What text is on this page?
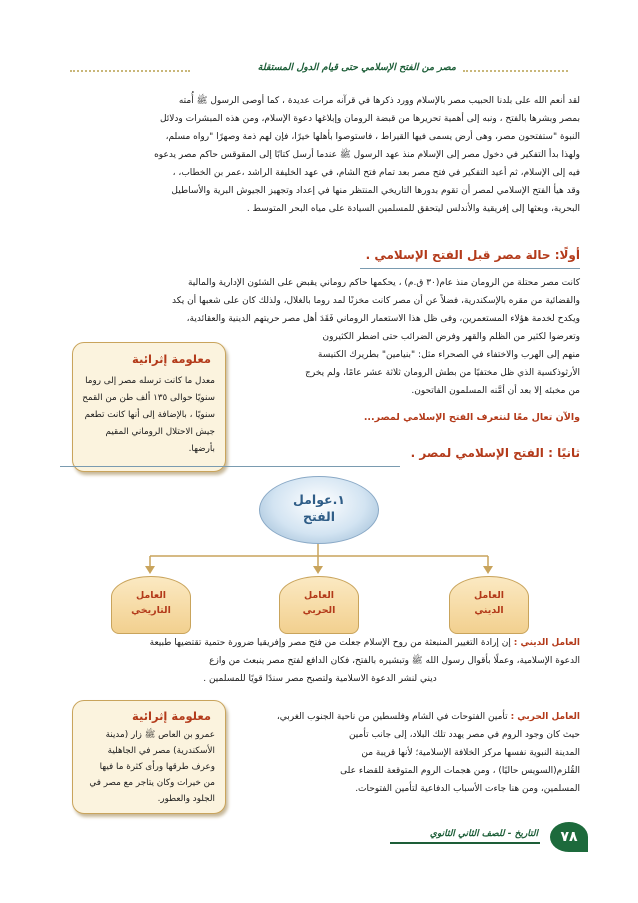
مصر من الفتح الإسلامي حتى قيام الدول المستقلة

لقد أنعم الله على بلدنا الحبيب مصر بالإسلام وورد ذكرها في قرآنه مرات عديدة ، كما أوصى الرسول ﷺ أُمته

بمصر وبشرها بالفتح ، ونبه إلى أهمية تحريرها من قبضة الرومان وإبلاغها دعوة الإسلام، ومن هذه المبشرات ودلائل

النبوة "ستفتحون مصر، وهى أرض يسمى فيها القيراط ، فاستوصوا بأهلها خيرًا، فإن لهم ذمة وصهرًا "رواه مسلم،

ولهذا بدأ التفكير في دخول مصر إلى الإسلام منذ عهد الرسول ﷺ عندما أرسل كتابًا إلى المقوقس حاكم مصر يدعوه

فيه إلى الإسلام، ثم أعيد التفكير في فتح مصر بعد تمام فتح الشام، في عهد الخليفة الراشد ،عمر بن الخطاب، ،

وقد هيأ الفتح الإسلامي لمصر أن تقوم بدورها التاريخي المنتظر منها في إعداد وتجهيز الجيوش البرية والأساطيل

البحرية، وبعثها إلى إفريقية والأندلس ليتحقق للمسلمين السيادة على مياه البحر المتوسط .

أولًا: حالة مصر قبل الفتح الإسلامي .

كانت مصر محتلة من الرومان منذ عام(٣٠ ق.م) ، يحكمها حاكم روماني يقبض على الشئون الإدارية والمالية

والقضائية من مقره بالإسكندرية، فضلاً عن أن مصر كانت مخزنًا لمد روما بالغلال، ولذلك كان على شعبها أن يكد

ويكدح لخدمة هؤلاء المستعمرين، وفى ظل هذا الاستعمار الروماني فَقَدَ أهل مصر حريتهم الدينية والعقائدية،

وتعرضوا لكثير من الظلم والقهر وفرض الضرائب حتى اضطر الكثيرون

منهم إلى الهرب والاختفاء في الصحراء مثل: "بنيامين" بطريرك الكنيسة

الأرثوذكسية الذي ظل مختفيًا من بطش الرومان ثلاثة عشر عامًا، ولم يخرج

من مخبئه إلا بعد أن أمَّنه المسلمون الفاتحون.

والآن تعال معًا لنتعرف الفتح الإسلامي لمصر...
معلومة إثرائية
معدل ما كانت ترسله مصر إلى روما
سنويًا حوالى ١٣٥ ألف طن من القمح
سنويًا ، بالإضافة إلى أنها كانت تطعم
جيش الاحتلال الروماني المقيم
بأرضها.	ثانيًا : الفتح الإسلامي لمصر .
١.عوامل
الفتح
العامل
الديني
العامل
الحربي
العامل
التاريخي

العامل الديني : إن إرادة التغيير المنبعثة من روح الإسلام جعلت من فتح مصر وإفريقيا ضرورة حتمية تقتضيها طبيعة

الدعوة الإسلامية، وعملًا بأقوال رسول الله ﷺ وتبشيره بالفتح، فكان الدافع لفتح مصر ينبعث من وازع

ديني لنشر الدعوة الاسلامية ولتصبح مصر سندًا قويًا للمسلمين .

العامل الحربي : تأمين الفتوحات في الشام وفلسطين من ناحية الجنوب الغربي،

حيث كان وجود الروم في مصر يهدد تلك البلاد، إلى جانب تأمين

المدينة النبوية نفسها مركز الخلافة الإسلامية؛ لأنها قريبة من

القُلزم(السويس حاليًا) ، ومن هجمات الروم المتوقعة للقضاء على

المسلمين، ومن هنا جاءت الأسباب الدفاعية لتأمين الفتوحات.

معلومة إثرائية
عمرو بن العاص ﷺ زار (مدينة
الأسكندرية) مصر في الجاهلية
وعرف طرقها ورأى كثرة ما فيها
من خيرات وكان يتاجر مع مصر في
الجلود والعطور.
التاريخ - للصف الثاني الثانوي	٧٨
